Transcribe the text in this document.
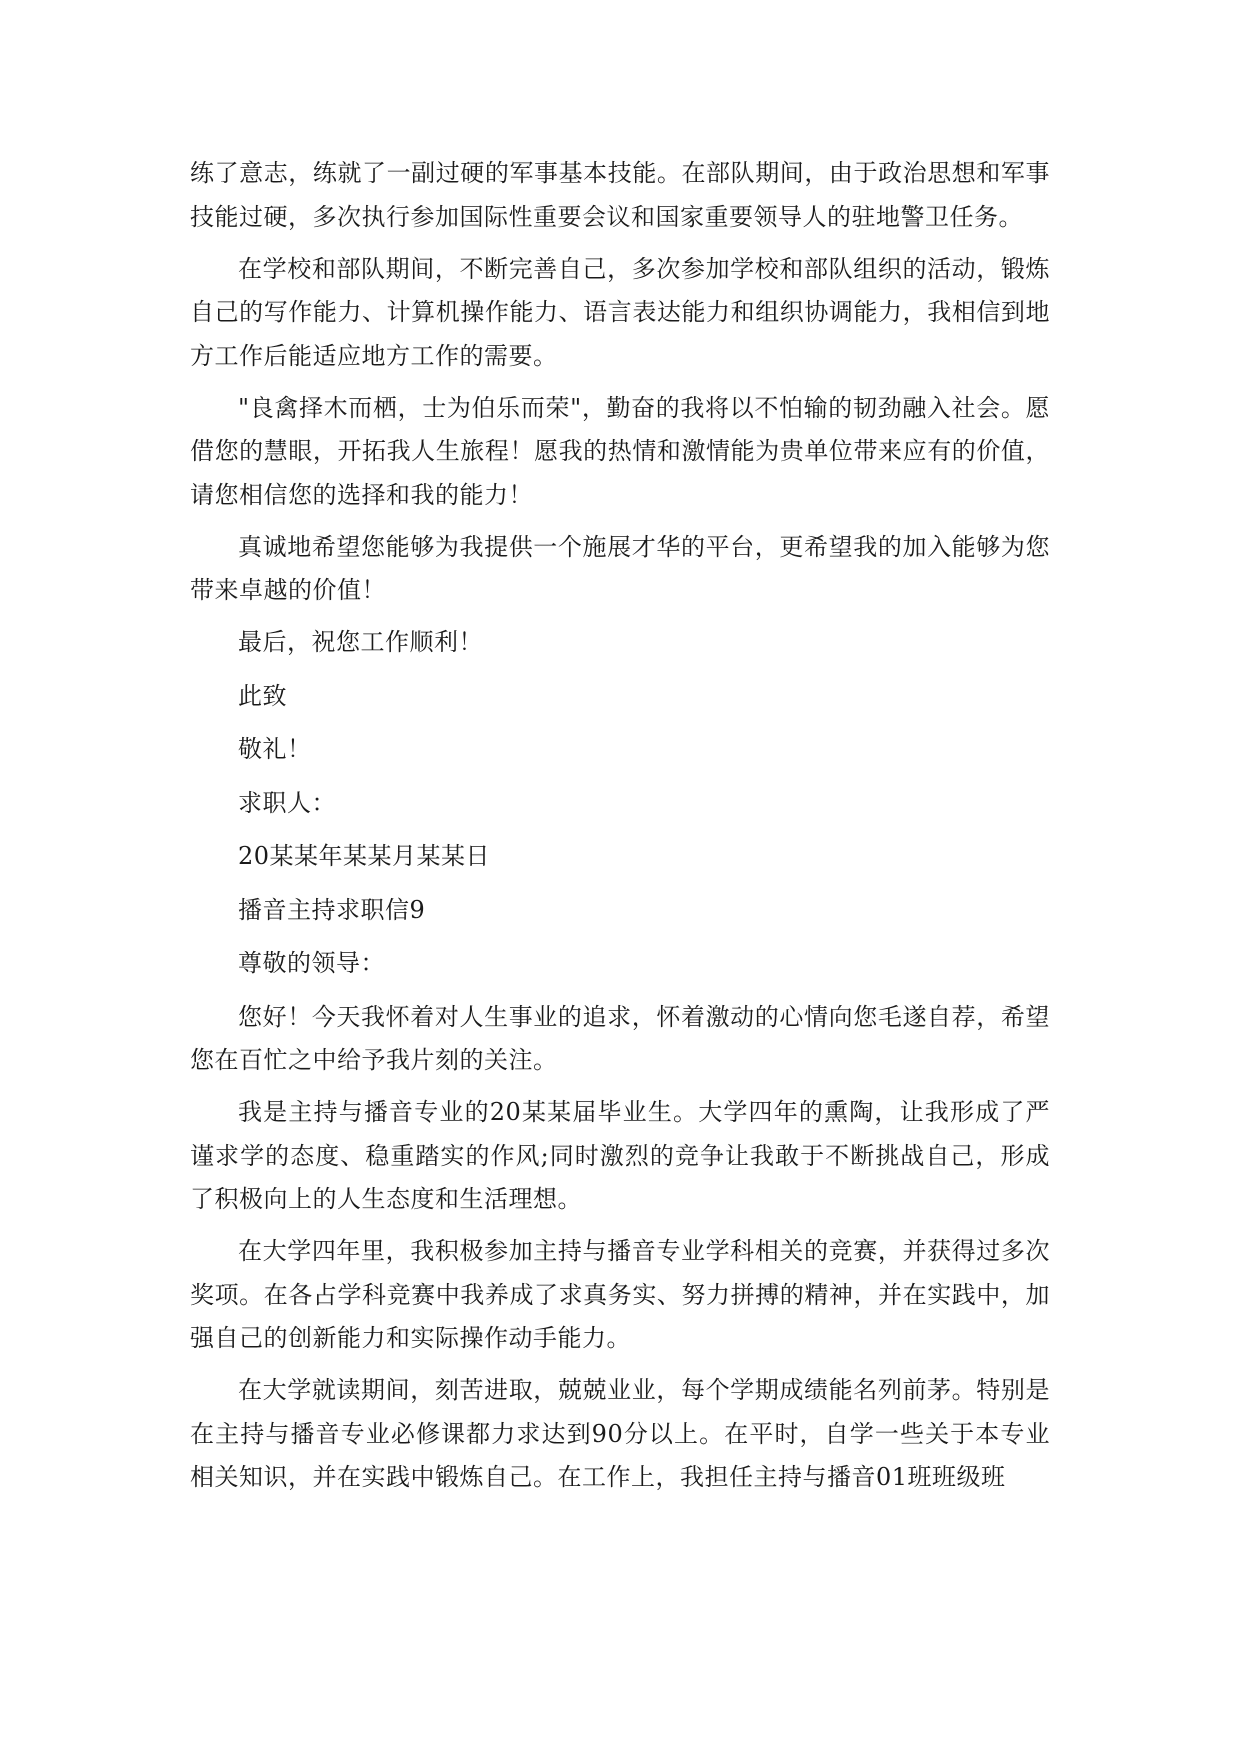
练了意志，练就了一副过硬的军事基本技能。在部队期间，由于政治思想和军事技能过硬，多次执行参加国际性重要会议和国家重要领导人的驻地警卫任务。

在学校和部队期间，不断完善自己，多次参加学校和部队组织的活动，锻炼自己的写作能力、计算机操作能力、语言表达能力和组织协调能力，我相信到地方工作后能适应地方工作的需要。

"良禽择木而栖，士为伯乐而荣"，勤奋的我将以不怕输的韧劲融入社会。愿借您的慧眼，开拓我人生旅程！愿我的热情和激情能为贵单位带来应有的价值，请您相信您的选择和我的能力！

真诚地希望您能够为我提供一个施展才华的平台，更希望我的加入能够为您带来卓越的价值！

最后，祝您工作顺利！

此致

敬礼！

求职人：

20某某年某某月某某日

播音主持求职信9

尊敬的领导：

您好！今天我怀着对人生事业的追求，怀着激动的心情向您毛遂自荐，希望您在百忙之中给予我片刻的关注。

我是主持与播音专业的20某某届毕业生。大学四年的熏陶，让我形成了严谨求学的态度、稳重踏实的作风;同时激烈的竞争让我敢于不断挑战自己，形成了积极向上的人生态度和生活理想。

在大学四年里，我积极参加主持与播音专业学科相关的竞赛，并获得过多次奖项。在各占学科竞赛中我养成了求真务实、努力拼搏的精神，并在实践中，加强自己的创新能力和实际操作动手能力。

在大学就读期间，刻苦进取，兢兢业业，每个学期成绩能名列前茅。特别是在主持与播音专业必修课都力求达到90分以上。在平时，自学一些关于本专业相关知识，并在实践中锻炼自己。在工作上，我担任主持与播音01班班级班
